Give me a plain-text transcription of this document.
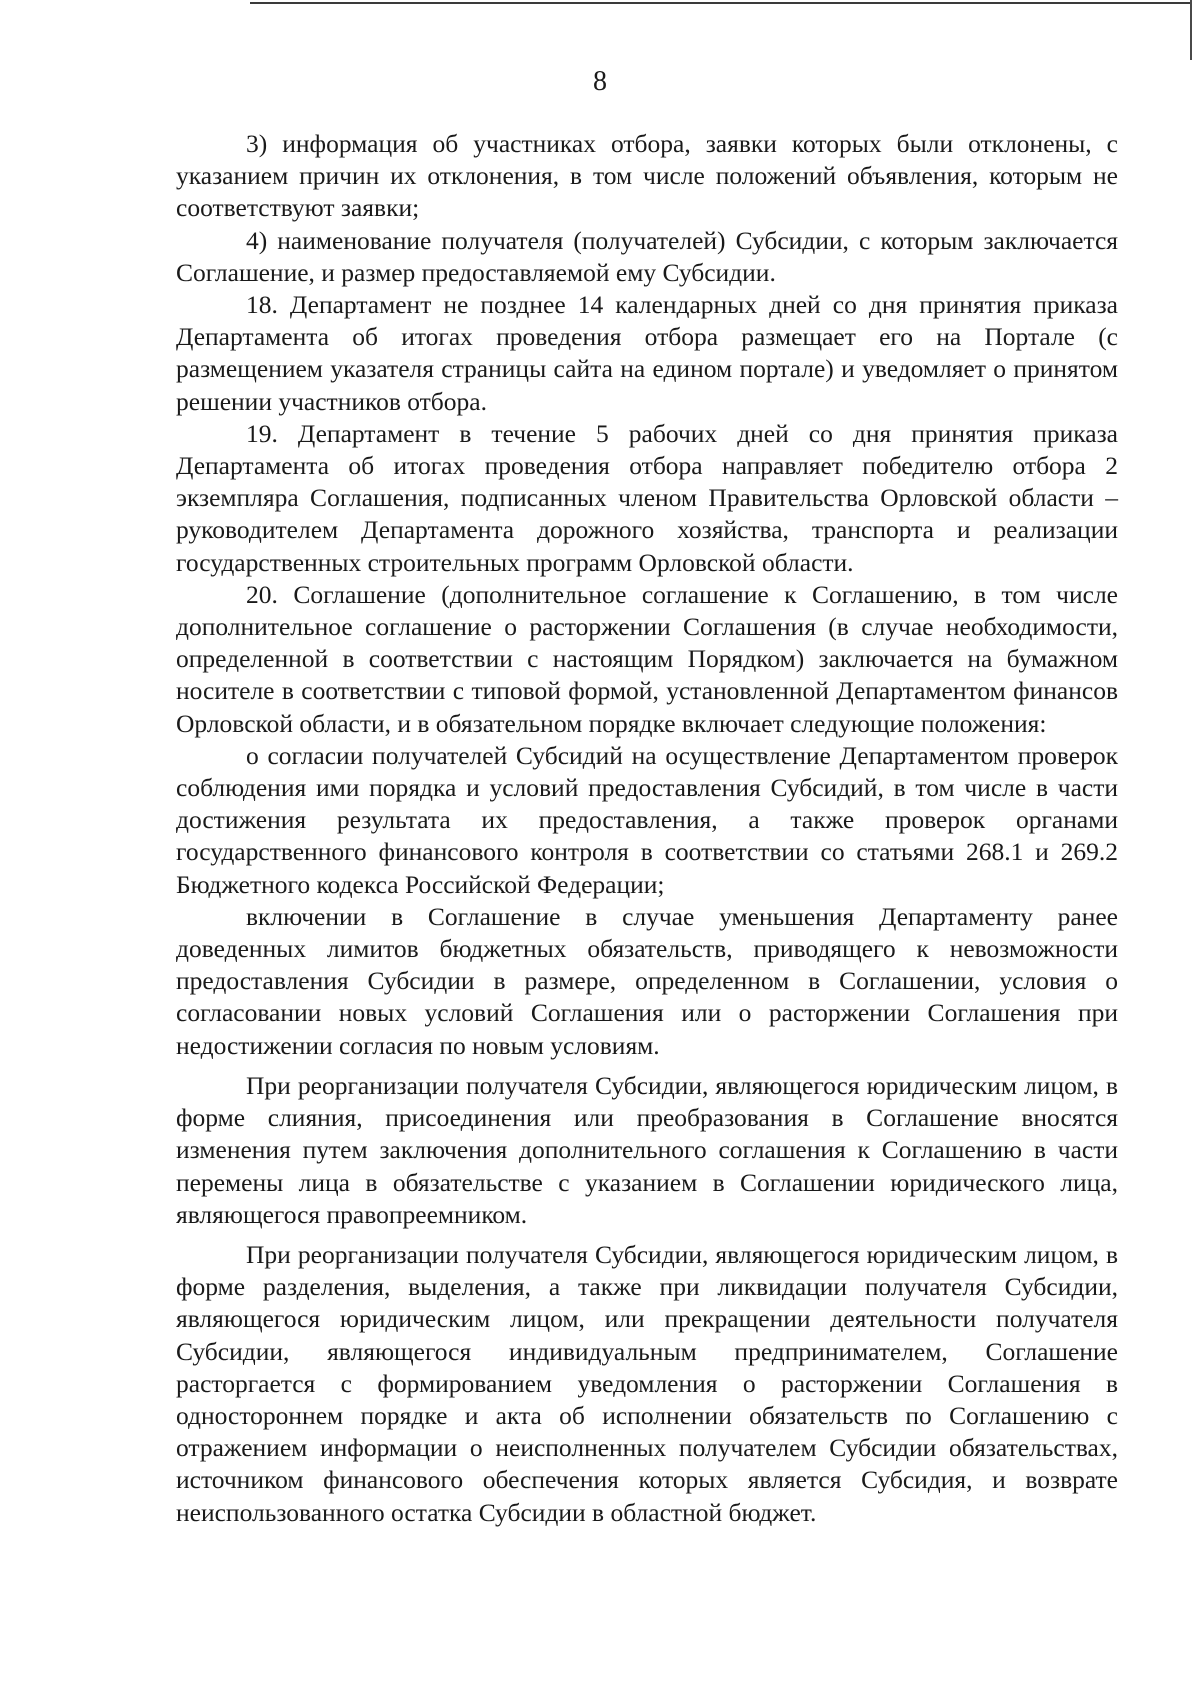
8

3) информация об участниках отбора, заявки которых были отклонены, с указанием причин их отклонения, в том числе положений объявления, которым не соответствуют заявки;

4) наименование получателя (получателей) Субсидии, с которым заключается Соглашение, и размер предоставляемой ему Субсидии.

18. Департамент не позднее 14 календарных дней со дня принятия приказа Департамента об итогах проведения отбора размещает его на Портале (с размещением указателя страницы сайта на едином портале) и уведомляет о принятом решении участников отбора.

19. Департамент в течение 5 рабочих дней со дня принятия приказа Департамента об итогах проведения отбора направляет победителю отбора 2 экземпляра Соглашения, подписанных членом Правительства Орловской области – руководителем Департамента дорожного хозяйства, транспорта и реализации государственных строительных программ Орловской области.

20. Соглашение (дополнительное соглашение к Соглашению, в том числе дополнительное соглашение о расторжении Соглашения (в случае необходимости, определенной в соответствии с настоящим Порядком) заключается на бумажном носителе в соответствии с типовой формой, установленной Департаментом финансов Орловской области, и в обязательном порядке включает следующие положения:

о согласии получателей Субсидий на осуществление Департаментом проверок соблюдения ими порядка и условий предоставления Субсидий, в том числе в части достижения результата их предоставления, а также проверок органами государственного финансового контроля в соответствии со статьями 268.1 и 269.2 Бюджетного кодекса Российской Федерации;

включении в Соглашение в случае уменьшения Департаменту ранее доведенных лимитов бюджетных обязательств, приводящего к невозможности предоставления Субсидии в размере, определенном в Соглашении, условия о согласовании новых условий Соглашения или о расторжении Соглашения при недостижении согласия по новым условиям.

При реорганизации получателя Субсидии, являющегося юридическим лицом, в форме слияния, присоединения или преобразования в Соглашение вносятся изменения путем заключения дополнительного соглашения к Соглашению в части перемены лица в обязательстве с указанием в Соглашении юридического лица, являющегося правопреемником.

При реорганизации получателя Субсидии, являющегося юридическим лицом, в форме разделения, выделения, а также при ликвидации получателя Субсидии, являющегося юридическим лицом, или прекращении деятельности получателя Субсидии, являющегося индивидуальным предпринимателем, Соглашение расторгается с формированием уведомления о расторжении Соглашения в одностороннем порядке и акта об исполнении обязательств по Соглашению с отражением информации о неисполненных получателем Субсидии обязательствах, источником финансового обеспечения которых является Субсидия, и возврате неиспользованного остатка Субсидии в областной бюджет.
